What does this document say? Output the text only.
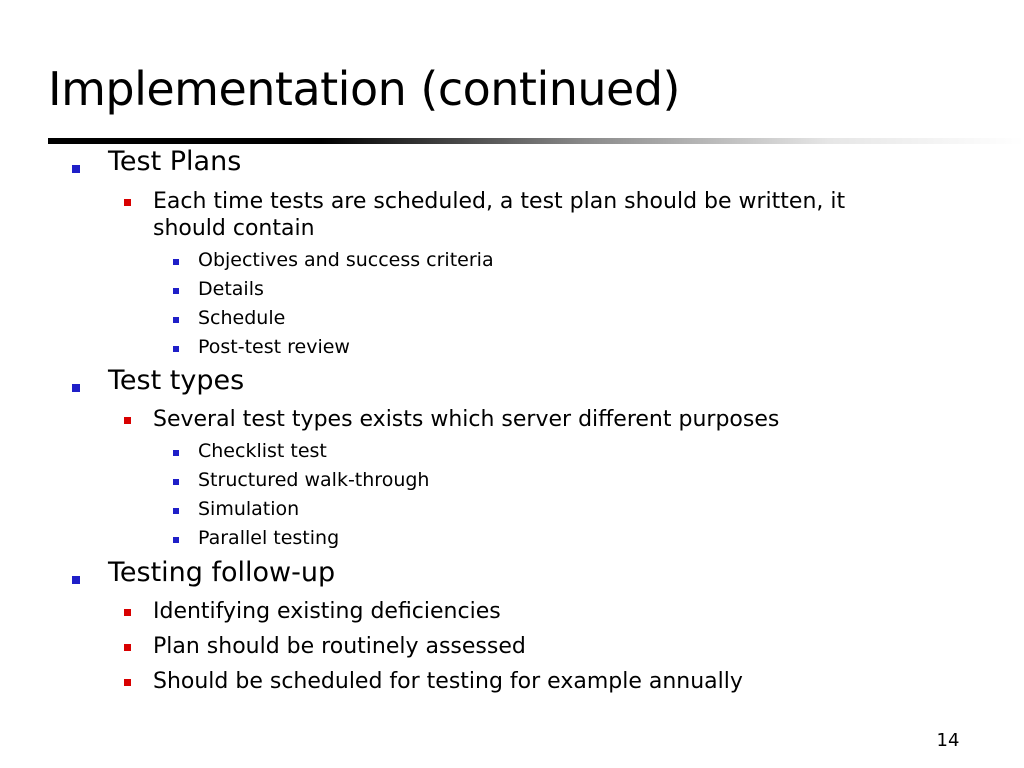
Implementation (continued)
Test Plans
Each time tests are scheduled, a test plan should be written, it
should contain
Objectives and success criteria
Details
Schedule
Post-test review
Test types
Several test types exists which server different purposes
Checklist test
Structured walk-through
Simulation
Parallel testing
Testing follow-up
Identifying existing deficiencies
Plan should be routinely assessed
Should be scheduled for testing for example annually
14
